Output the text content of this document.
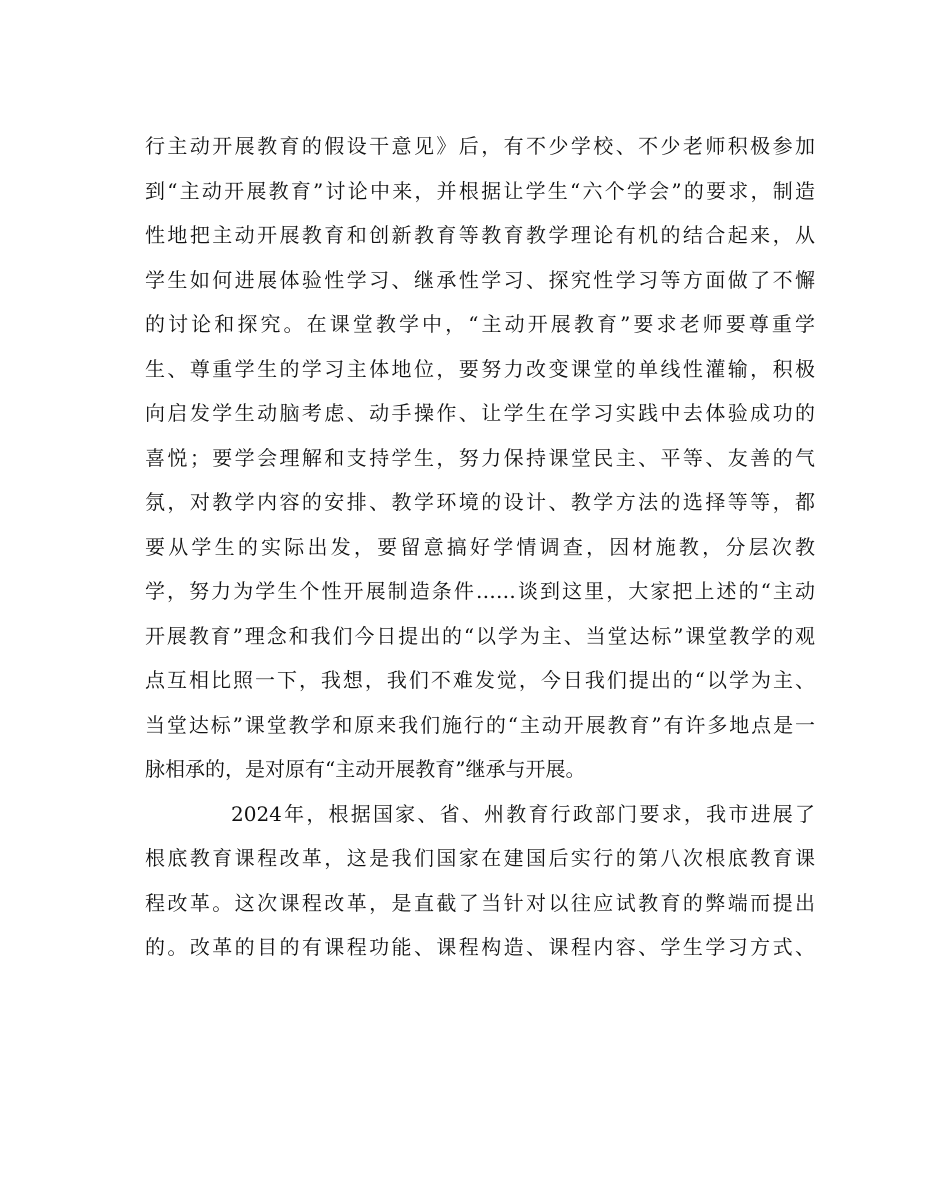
行主动开展教育的假设干意见》后，有不少学校、不少老师积极参加
到“主动开展教育”讨论中来，并根据让学生“六个学会”的要求，制造
性地把主动开展教育和创新教育等教育教学理论有机的结合起来，从
学生如何进展体验性学习、继承性学习、探究性学习等方面做了不懈
的讨论和探究。在课堂教学中，“主动开展教育”要求老师要尊重学
生、尊重学生的学习主体地位，要努力改变课堂的单线性灌输，积极
向启发学生动脑考虑、动手操作、让学生在学习实践中去体验成功的
喜悦；要学会理解和支持学生，努力保持课堂民主、平等、友善的气
氛，对教学内容的安排、教学环境的设计、教学方法的选择等等，都
要从学生的实际出发，要留意搞好学情调查，因材施教，分层次教
学，努力为学生个性开展制造条件……谈到这里，大家把上述的“主动
开展教育”理念和我们今日提出的“以学为主、当堂达标”课堂教学的观
点互相比照一下，我想，我们不难发觉，今日我们提出的“以学为主、
当堂达标”课堂教学和原来我们施行的“主动开展教育”有许多地点是一
脉相承的，是对原有“主动开展教育”继承与开展。
2024年，根据国家、省、州教育行政部门要求，我市进展了
根底教育课程改革，这是我们国家在建国后实行的第八次根底教育课
程改革。这次课程改革，是直截了当针对以往应试教育的弊端而提出
的。改革的目的有课程功能、课程构造、课程内容、学生学习方式、
